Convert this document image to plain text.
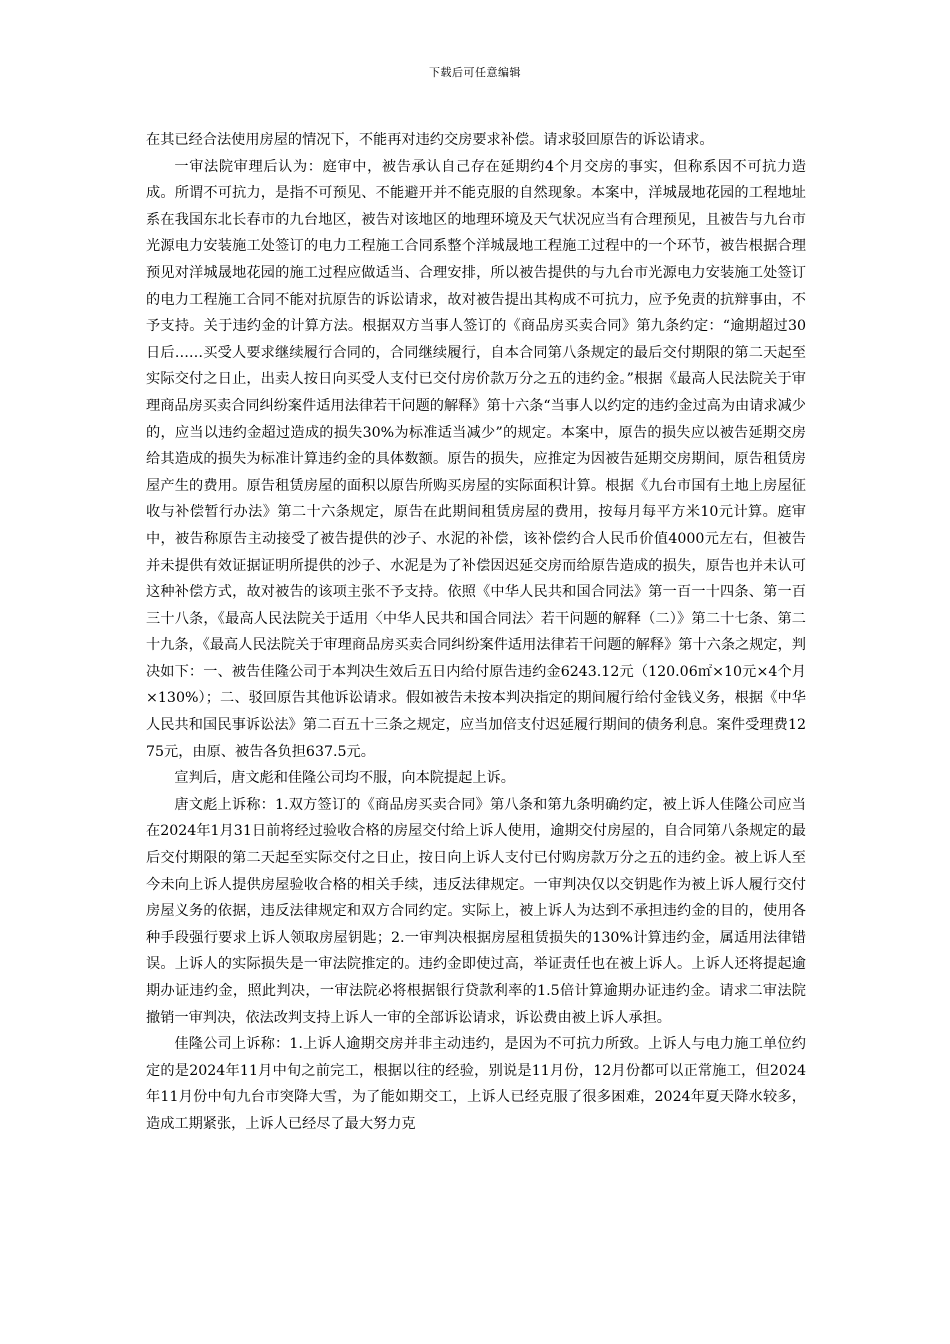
下载后可任意编辑

在其已经合法使用房屋的情况下，不能再对违约交房要求补偿。请求驳回原告的诉讼请求。

一审法院审理后认为：庭审中，被告承认自己存在延期约4个月交房的事实，但称系因不可抗力造成。所谓不可抗力，是指不可预见、不能避开并不能克服的自然现象。本案中，洋城晟地花园的工程地址系在我国东北长春市的九台地区，被告对该地区的地理环境及天气状况应当有合理预见，且被告与九台市光源电力安装施工处签订的电力工程施工合同系整个洋城晟地工程施工过程中的一个环节，被告根据合理预见对洋城晟地花园的施工过程应做适当、合理安排，所以被告提供的与九台市光源电力安装施工处签订的电力工程施工合同不能对抗原告的诉讼请求，故对被告提出其构成不可抗力，应予免责的抗辩事由，不予支持。关于违约金的计算方法。根据双方当事人签订的《商品房买卖合同》第九条约定：“逾期超过30日后……买受人要求继续履行合同的，合同继续履行，自本合同第八条规定的最后交付期限的第二天起至实际交付之日止，出卖人按日向买受人支付已交付房价款万分之五的违约金。”根据《最高人民法院关于审理商品房买卖合同纠纷案件适用法律若干问题的解释》第十六条“当事人以约定的违约金过高为由请求减少的，应当以违约金超过造成的损失30%为标准适当减少”的规定。本案中，原告的损失应以被告延期交房给其造成的损失为标准计算违约金的具体数额。原告的损失，应推定为因被告延期交房期间，原告租赁房屋产生的费用。原告租赁房屋的面积以原告所购买房屋的实际面积计算。根据《九台市国有土地上房屋征收与补偿暂行办法》第二十六条规定，原告在此期间租赁房屋的费用，按每月每平方米10元计算。庭审中，被告称原告主动接受了被告提供的沙子、水泥的补偿，该补偿约合人民币价值4000元左右，但被告并未提供有效证据证明所提供的沙子、水泥是为了补偿因迟延交房而给原告造成的损失，原告也并未认可这种补偿方式，故对被告的该项主张不予支持。依照《中华人民共和国合同法》第一百一十四条、第一百三十八条，《最高人民法院关于适用〈中华人民共和国合同法〉若干问题的解释（二）》第二十七条、第二十九条，《最高人民法院关于审理商品房买卖合同纠纷案件适用法律若干问题的解释》第十六条之规定，判决如下：一、被告佳隆公司于本判决生效后五日内给付原告违约金6243.12元（120.06㎡×10元×4个月×130%）；二、驳回原告其他诉讼请求。假如被告未按本判决指定的期间履行给付金钱义务，根据《中华人民共和国民事诉讼法》第二百五十三条之规定，应当加倍支付迟延履行期间的债务利息。案件受理费1275元，由原、被告各负担637.5元。

宣判后，唐文彪和佳隆公司均不服，向本院提起上诉。

唐文彪上诉称：1.双方签订的《商品房买卖合同》第八条和第九条明确约定，被上诉人佳隆公司应当在2024年1月31日前将经过验收合格的房屋交付给上诉人使用，逾期交付房屋的，自合同第八条规定的最后交付期限的第二天起至实际交付之日止，按日向上诉人支付已付购房款万分之五的违约金。被上诉人至今未向上诉人提供房屋验收合格的相关手续，违反法律规定。一审判决仅以交钥匙作为被上诉人履行交付房屋义务的依据，违反法律规定和双方合同约定。实际上，被上诉人为达到不承担违约金的目的，使用各种手段强行要求上诉人领取房屋钥匙；2.一审判决根据房屋租赁损失的130%计算违约金，属适用法律错误。上诉人的实际损失是一审法院推定的。违约金即使过高，举证责任也在被上诉人。上诉人还将提起逾期办证违约金，照此判决，一审法院必将根据银行贷款利率的1.5倍计算逾期办证违约金。请求二审法院撤销一审判决，依法改判支持上诉人一审的全部诉讼请求，诉讼费由被上诉人承担。

佳隆公司上诉称：1.上诉人逾期交房并非主动违约，是因为不可抗力所致。上诉人与电力施工单位约定的是2024年11月中旬之前完工，根据以往的经验，别说是11月份，12月份都可以正常施工，但2024年11月份中旬九台市突降大雪，为了能如期交工，上诉人已经克服了很多困难，2024年夏天降水较多，造成工期紧张，上诉人已经尽了最大努力克
